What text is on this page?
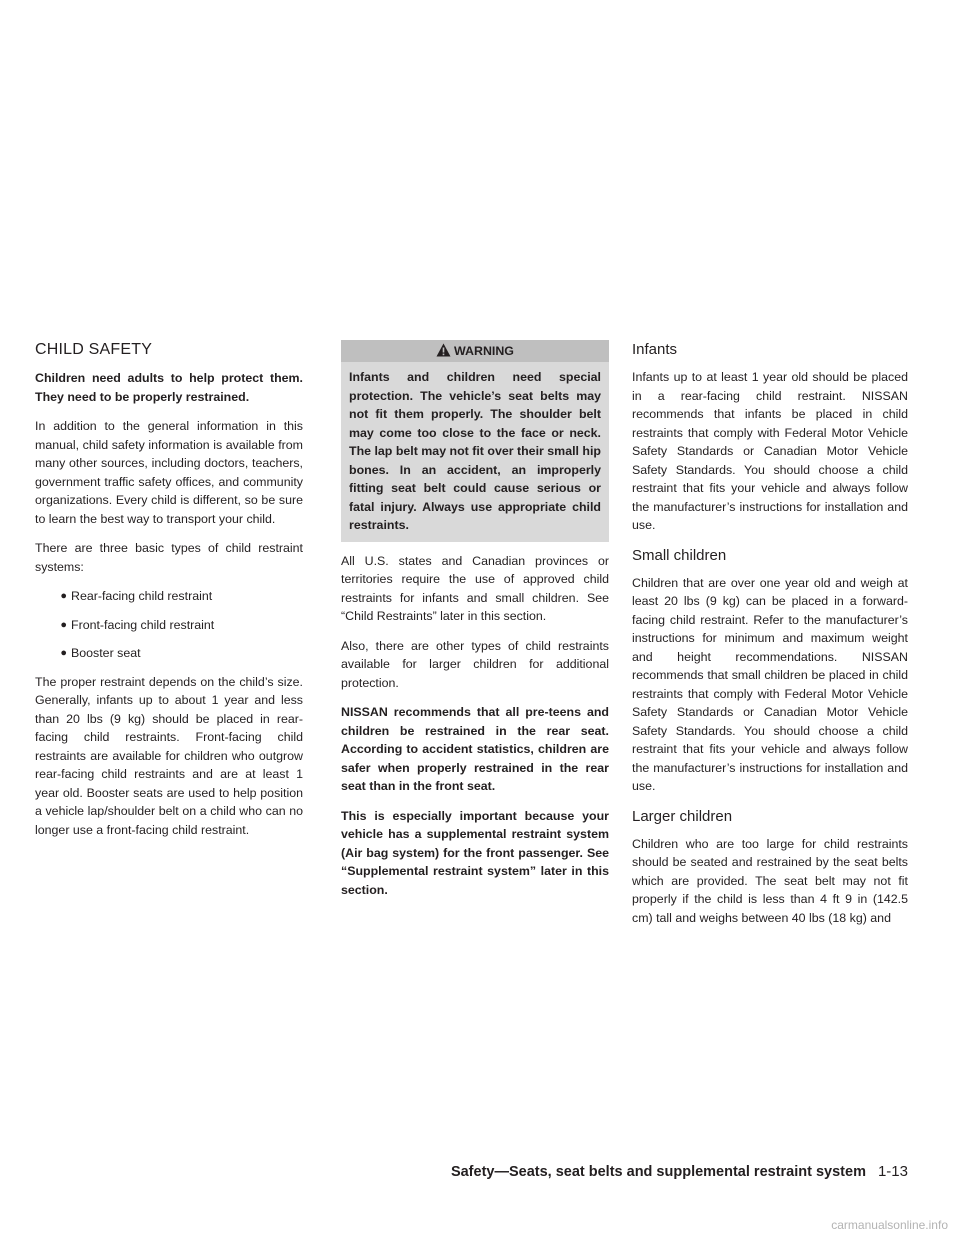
CHILD SAFETY

Children need adults to help protect them. They need to be properly restrained.

In addition to the general information in this manual, child safety information is available from many other sources, including doctors, teachers, government traffic safety offices, and community organizations. Every child is different, so be sure to learn the best way to transport your child.

There are three basic types of child restraint systems:

● Rear-facing child restraint
● Front-facing child restraint
● Booster seat

The proper restraint depends on the child’s size. Generally, infants up to about 1 year and less than 20 lbs (9 kg) should be placed in rear-facing child restraints. Front-facing child restraints are available for children who outgrow rear-facing child restraints and are at least 1 year old. Booster seats are used to help position a vehicle lap/shoulder belt on a child who can no longer use a front-facing child restraint.

WARNING
Infants and children need special protection. The vehicle’s seat belts may not fit them properly. The shoulder belt may come too close to the face or neck. The lap belt may not fit over their small hip bones. In an accident, an improperly fitting seat belt could cause serious or fatal injury. Always use appropriate child restraints.

All U.S. states and Canadian provinces or territories require the use of approved child restraints for infants and small children. See “Child Restraints” later in this section.

Also, there are other types of child restraints available for larger children for additional protection.

NISSAN recommends that all pre-teens and children be restrained in the rear seat. According to accident statistics, children are safer when properly restrained in the rear seat than in the front seat.

This is especially important because your vehicle has a supplemental restraint system (Air bag system) for the front passenger. See “Supplemental restraint system” later in this section.

Infants

Infants up to at least 1 year old should be placed in a rear-facing child restraint. NISSAN recommends that infants be placed in child restraints that comply with Federal Motor Vehicle Safety Standards or Canadian Motor Vehicle Safety Standards. You should choose a child restraint that fits your vehicle and always follow the manufacturer’s instructions for installation and use.

Small children

Children that are over one year old and weigh at least 20 lbs (9 kg) can be placed in a forward-facing child restraint. Refer to the manufacturer’s instructions for minimum and maximum weight and height recommendations. NISSAN recommends that small children be placed in child restraints that comply with Federal Motor Vehicle Safety Standards or Canadian Motor Vehicle Safety Standards. You should choose a child restraint that fits your vehicle and always follow the manufacturer’s instructions for installation and use.

Larger children

Children who are too large for child restraints should be seated and restrained by the seat belts which are provided. The seat belt may not fit properly if the child is less than 4 ft 9 in (142.5 cm) tall and weighs between 40 lbs (18 kg) and

Safety—Seats, seat belts and supplemental restraint system 1-13
carmanualsonline.info
